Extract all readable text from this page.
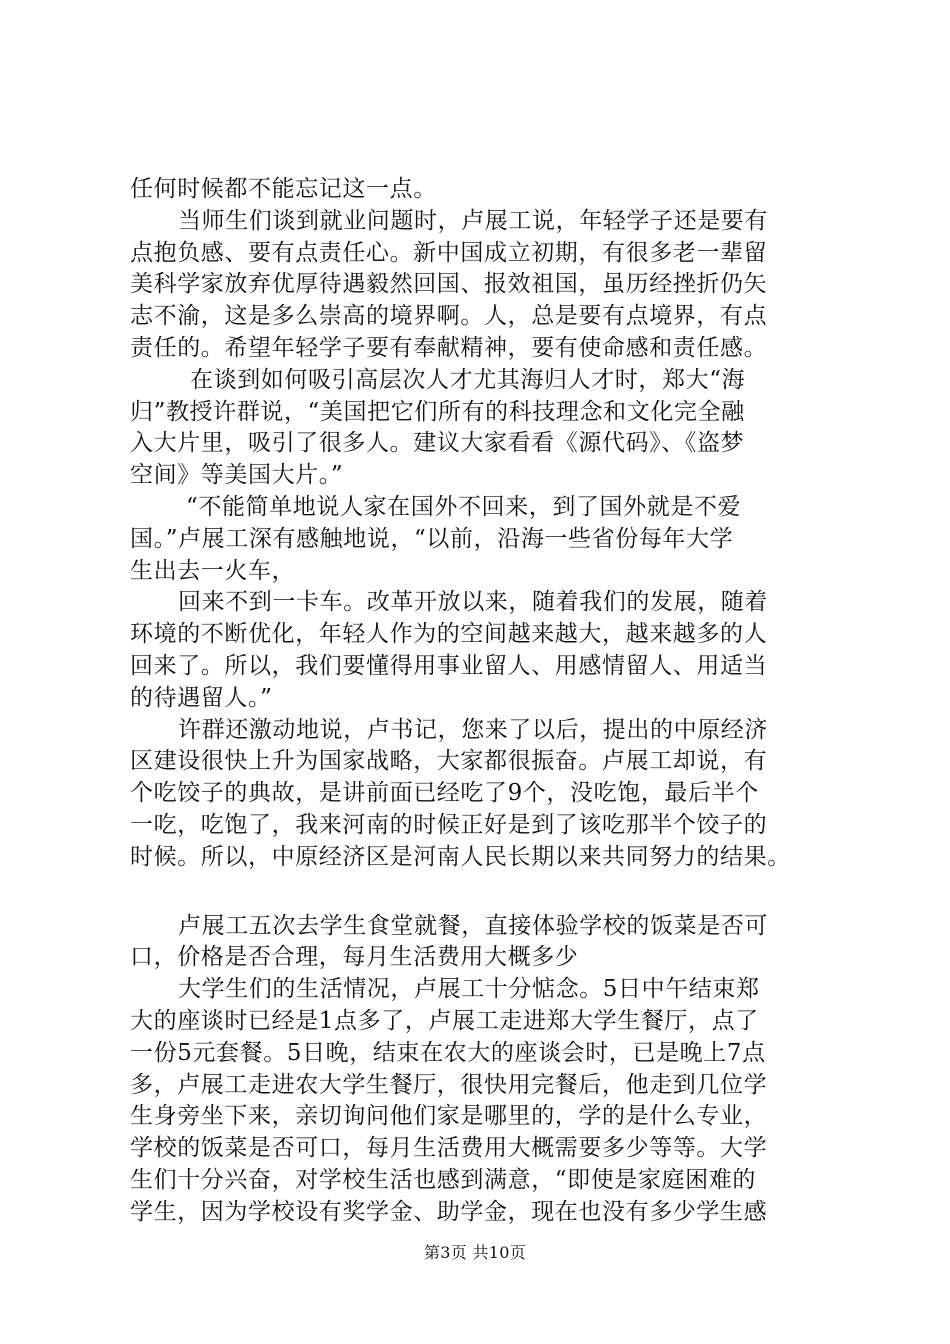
任何时候都不能忘记这一点。
当师生们谈到就业问题时，卢展工说，年轻学子还是要有
点抱负感、要有点责任心。新中国成立初期，有很多老一辈留
美科学家放弃优厚待遇毅然回国、报效祖国，虽历经挫折仍矢
志不渝，这是多么崇高的境界啊。人，总是要有点境界，有点
责任的。希望年轻学子要有奉献精神，要有使命感和责任感。
在谈到如何吸引高层次人才尤其海归人才时，郑大“海
归”教授许群说，“美国把它们所有的科技理念和文化完全融
入大片里，吸引了很多人。建议大家看看《源代码》、《盗梦
空间》等美国大片。”
“不能简单地说人家在国外不回来，到了国外就是不爱
国。”卢展工深有感触地说，“以前，沿海一些省份每年大学
生出去一火车，
回来不到一卡车。改革开放以来，随着我们的发展，随着
环境的不断优化，年轻人作为的空间越来越大，越来越多的人
回来了。所以，我们要懂得用事业留人、用感情留人、用适当
的待遇留人。”
许群还激动地说，卢书记，您来了以后，提出的中原经济
区建设很快上升为国家战略，大家都很振奋。卢展工却说，有
个吃饺子的典故，是讲前面已经吃了9个，没吃饱，最后半个
一吃，吃饱了，我来河南的时候正好是到了该吃那半个饺子的
时候。所以，中原经济区是河南人民长期以来共同努力的结果。
卢展工五次去学生食堂就餐，直接体验学校的饭菜是否可
口，价格是否合理，每月生活费用大概多少
大学生们的生活情况，卢展工十分惦念。5日中午结束郑
大的座谈时已经是1点多了，卢展工走进郑大学生餐厅，点了
一份5元套餐。5日晚，结束在农大的座谈会时，已是晚上7点
多，卢展工走进农大学生餐厅，很快用完餐后，他走到几位学
生身旁坐下来，亲切询问他们家是哪里的，学的是什么专业，
学校的饭菜是否可口，每月生活费用大概需要多少等等。大学
生们十分兴奋，对学校生活也感到满意，“即使是家庭困难的
学生，因为学校设有奖学金、助学金，现在也没有多少学生感
第3页 共10页
